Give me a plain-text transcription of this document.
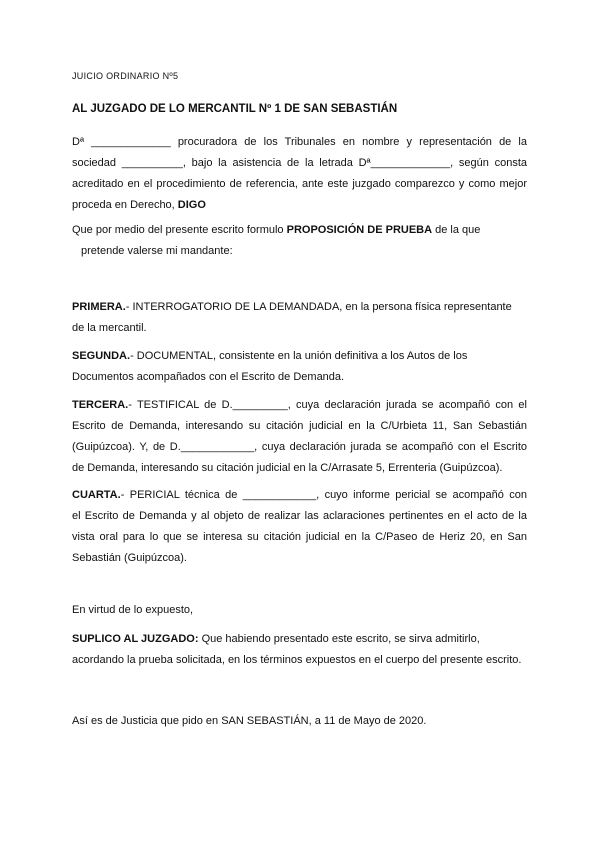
JUICIO ORDINARIO Nº5
AL JUZGADO DE LO MERCANTIL Nº 1 DE SAN SEBASTIÁN
Dª _____________ procuradora de los Tribunales en nombre y representación de la
sociedad __________, bajo la asistencia de la letrada Dª_____________, según consta
acreditado en el procedimiento de referencia, ante este juzgado comparezco y como mejor
proceda en Derecho, DIGO
Que por medio del presente escrito formulo PROPOSICIÓN DE PRUEBA de la que
pretende valerse mi mandante:
PRIMERA.- INTERROGATORIO DE LA DEMANDADA, en la persona física representante
de la mercantil.
SEGUNDA.- DOCUMENTAL, consistente en la unión definitiva a los Autos de los
Documentos acompañados con el Escrito de Demanda.
TERCERA.- TESTIFICAL de D._________, cuya declaración jurada se acompañó con el
Escrito de Demanda, interesando su citación judicial en la C/Urbieta 11, San Sebastián
(Guipúzcoa). Y, de D.____________, cuya declaración jurada se acompañó con el Escrito
de Demanda, interesando su citación judicial en la C/Arrasate 5, Errenteria (Guipúzcoa).
CUARTA.- PERICIAL técnica de ____________, cuyo informe pericial se acompañó con
el Escrito de Demanda y al objeto de realizar las aclaraciones pertinentes en el acto de la
vista oral para lo que se interesa su citación judicial en la C/Paseo de Heriz 20, en San
Sebastián (Guipúzcoa).
En virtud de lo expuesto,
SUPLICO AL JUZGADO: Que habiendo presentado este escrito, se sirva admitirlo,
acordando la prueba solicitada, en los términos expuestos en el cuerpo del presente escrito.
Así es de Justicia que pido en SAN SEBASTIÁN, a 11 de Mayo de 2020.
